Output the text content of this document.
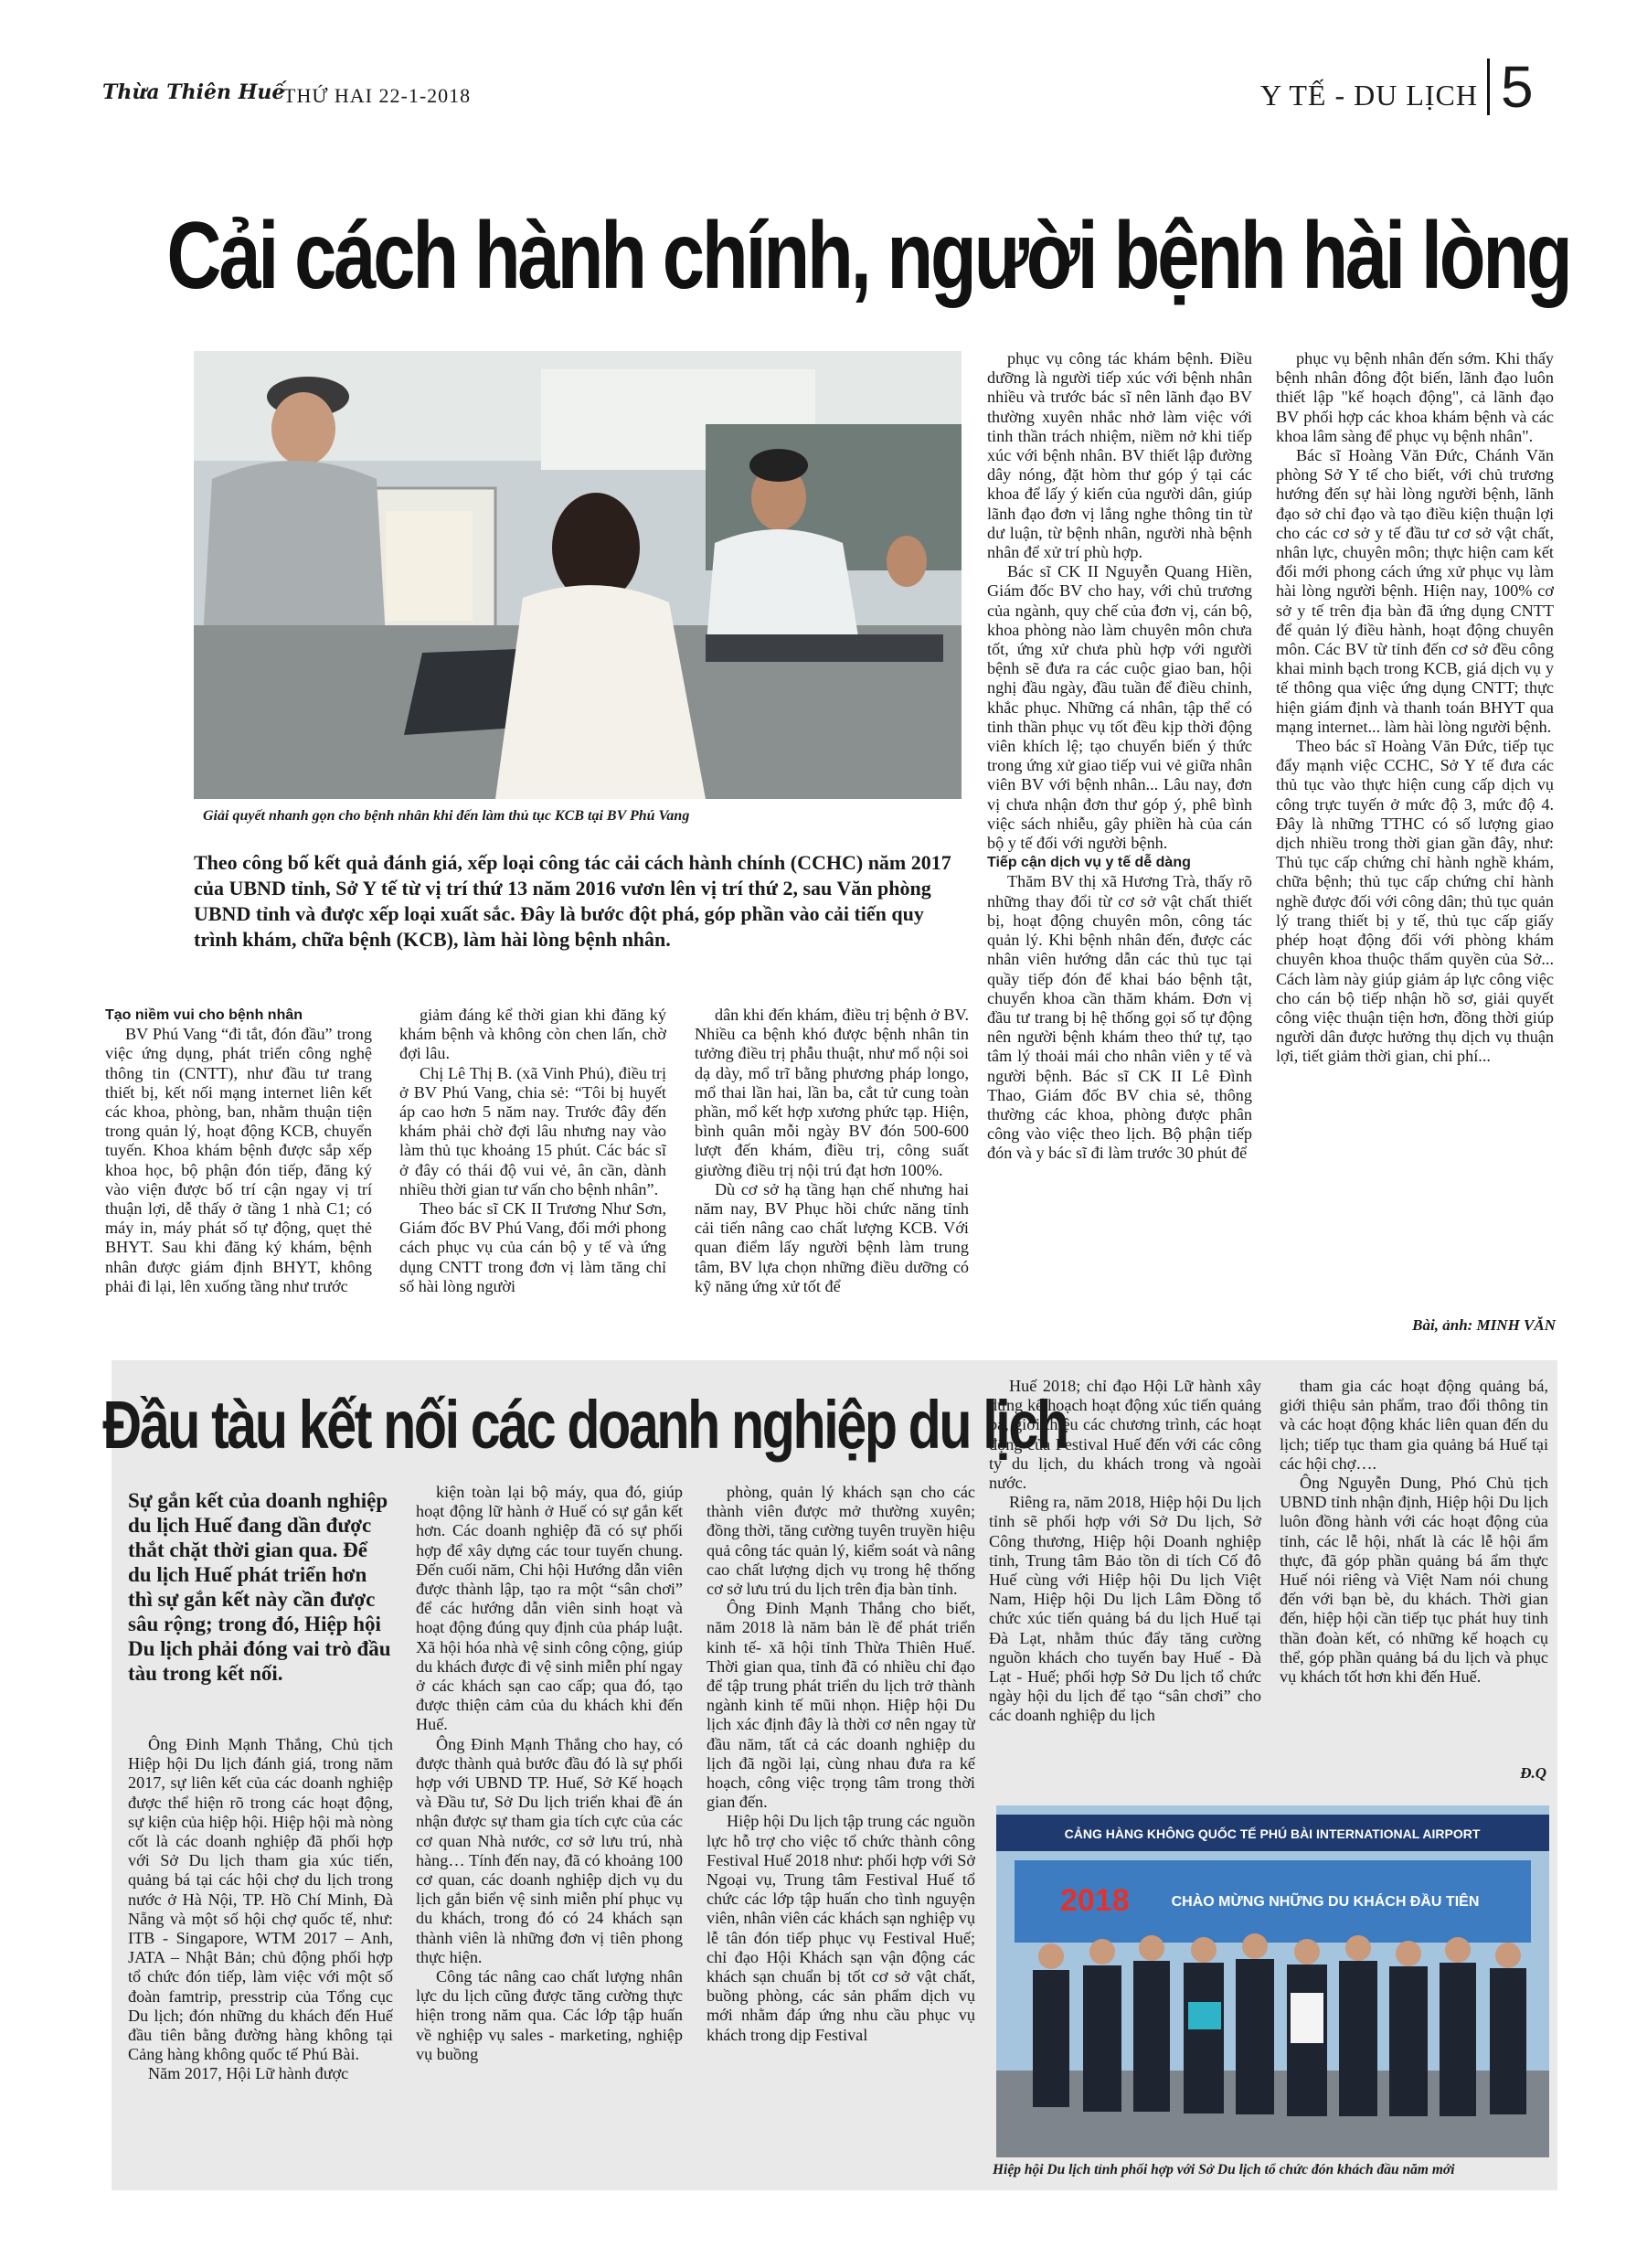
Thừa Thiên Huế
THỨ HAI 22-1-2018	Y TẾ - DU LỊCH 5
Cải cách hành chính, người bệnh hài lòng
Giải quyết nhanh gọn cho bệnh nhân khi đến làm thủ tục KCB tại BV Phú Vang
Theo công bố kết quả đánh giá, xếp loại công tác cải cách hành chính (CCHC) năm 2017 của UBND tỉnh, Sở Y tế từ vị trí thứ 13 năm 2016 vươn lên vị trí thứ 2, sau Văn phòng UBND tỉnh và được xếp loại xuất sắc. Đây là bước đột phá, góp phần vào cải tiến quy trình khám, chữa bệnh (KCB), làm hài lòng bệnh nhân.

Tạo niềm vui cho bệnh nhân

BV Phú Vang “đi tắt, đón đầu” trong việc ứng dụng, phát triển công nghệ thông tin (CNTT), như đầu tư trang thiết bị, kết nối mạng internet liên kết các khoa, phòng, ban, nhằm thuận tiện trong quản lý, hoạt động KCB, chuyển tuyến. Khoa khám bệnh được sắp xếp khoa học, bộ phận đón tiếp, đăng ký vào viện được bố trí cận ngay vị trí thuận lợi, dễ thấy ở tầng 1 nhà C1; có máy in, máy phát số tự động, quẹt thẻ BHYT. Sau khi đăng ký khám, bệnh nhân được giám định BHYT, không phải đi lại, lên xuống tầng như trước

giảm đáng kể thời gian khi đăng ký khám bệnh và không còn chen lấn, chờ đợi lâu.

Chị Lê Thị B. (xã Vinh Phú), điều trị ở BV Phú Vang, chia sẻ: “Tôi bị huyết áp cao hơn 5 năm nay. Trước đây đến khám phải chờ đợi lâu nhưng nay vào làm thủ tục khoảng 15 phút. Các bác sĩ ở đây có thái độ vui vẻ, ân cần, dành nhiều thời gian tư vấn cho bệnh nhân”.

Theo bác sĩ CK II Trương Như Sơn, Giám đốc BV Phú Vang, đổi mới phong cách phục vụ của cán bộ y tế và ứng dụng CNTT trong đơn vị làm tăng chỉ số hài lòng người

dân khi đến khám, điều trị bệnh ở BV. Nhiều ca bệnh khó được bệnh nhân tin tưởng điều trị phẫu thuật, như mổ nội soi dạ dày, mổ trĩ bằng phương pháp longo, mổ thai lần hai, lần ba, cắt tử cung toàn phần, mổ kết hợp xương phức tạp. Hiện, bình quân mỗi ngày BV đón 500-600 lượt đến khám, điều trị, công suất giường điều trị nội trú đạt hơn 100%.

Dù cơ sở hạ tầng hạn chế nhưng hai năm nay, BV Phục hồi chức năng tỉnh cải tiến nâng cao chất lượng KCB. Với quan điểm lấy người bệnh làm trung tâm, BV lựa chọn những điều dưỡng có kỹ năng ứng xử tốt để

phục vụ công tác khám bệnh. Điều dưỡng là người tiếp xúc với bệnh nhân nhiều và trước bác sĩ nên lãnh đạo BV thường xuyên nhắc nhở làm việc với tinh thần trách nhiệm, niềm nở khi tiếp xúc với bệnh nhân. BV thiết lập đường dây nóng, đặt hòm thư góp ý tại các khoa để lấy ý kiến của người dân, giúp lãnh đạo đơn vị lắng nghe thông tin từ dư luận, từ bệnh nhân, người nhà bệnh nhân để xử trí phù hợp.

Bác sĩ CK II Nguyễn Quang Hiền, Giám đốc BV cho hay, với chủ trương của ngành, quy chế của đơn vị, cán bộ, khoa phòng nào làm chuyên môn chưa tốt, ứng xử chưa phù hợp với người bệnh sẽ đưa ra các cuộc giao ban, hội nghị đầu ngày, đầu tuần để điều chỉnh, khắc phục. Những cá nhân, tập thể có tinh thần phục vụ tốt đều kịp thời động viên khích lệ; tạo chuyển biến ý thức trong ứng xử giao tiếp vui vẻ giữa nhân viên BV với bệnh nhân... Lâu nay, đơn vị chưa nhận đơn thư góp ý, phê bình việc sách nhiễu, gây phiền hà của cán bộ y tế đối với người bệnh.

Tiếp cận dịch vụ y tế dễ dàng

Thăm BV thị xã Hương Trà, thấy rõ những thay đổi từ cơ sở vật chất thiết bị, hoạt động chuyên môn, công tác quản lý. Khi bệnh nhân đến, được các nhân viên hướng dẫn các thủ tục tại quầy tiếp đón để khai báo bệnh tật, chuyển khoa cần thăm khám. Đơn vị đầu tư trang bị hệ thống gọi số tự động nên người bệnh khám theo thứ tự, tạo tâm lý thoải mái cho nhân viên y tế và người bệnh. Bác sĩ CK II Lê Đình Thao, Giám đốc BV chia sẻ, thông thường các khoa, phòng được phân công vào việc theo lịch. Bộ phận tiếp đón và y bác sĩ đi làm trước 30 phút để

phục vụ bệnh nhân đến sớm. Khi thấy bệnh nhân đông đột biến, lãnh đạo luôn thiết lập "kế hoạch động", cả lãnh đạo BV phối hợp các khoa khám bệnh và các khoa lâm sàng để phục vụ bệnh nhân".

Bác sĩ Hoàng Văn Đức, Chánh Văn phòng Sở Y tế cho biết, với chủ trương hướng đến sự hài lòng người bệnh, lãnh đạo sở chỉ đạo và tạo điều kiện thuận lợi cho các cơ sở y tế đầu tư cơ sở vật chất, nhân lực, chuyên môn; thực hiện cam kết đổi mới phong cách ứng xử phục vụ làm hài lòng người bệnh. Hiện nay, 100% cơ sở y tế trên địa bàn đã ứng dụng CNTT để quản lý điều hành, hoạt động chuyên môn. Các BV từ tỉnh đến cơ sở đều công khai minh bạch trong KCB, giá dịch vụ y tế thông qua việc ứng dụng CNTT; thực hiện giám định và thanh toán BHYT qua mạng internet... làm hài lòng người bệnh.

Theo bác sĩ Hoàng Văn Đức, tiếp tục đẩy mạnh việc CCHC, Sở Y tế đưa các thủ tục vào thực hiện cung cấp dịch vụ công trực tuyến ở mức độ 3, mức độ 4. Đây là những TTHC có số lượng giao dịch nhiều trong thời gian gần đây, như: Thủ tục cấp chứng chỉ hành nghề khám, chữa bệnh; thủ tục cấp chứng chỉ hành nghề được đối với công dân; thủ tục quản lý trang thiết bị y tế, thủ tục cấp giấy phép hoạt động đối với phòng khám chuyên khoa thuộc thẩm quyền của Sở... Cách làm này giúp giảm áp lực công việc cho cán bộ tiếp nhận hồ sơ, giải quyết công việc thuận tiện hơn, đồng thời giúp người dân được hưởng thụ dịch vụ thuận lợi, tiết giảm thời gian, chi phí...

Bài, ảnh: MINH VĂN
Đầu tàu kết nối các doanh nghiệp du lịch
Sự gắn kết của doanh nghiệp du lịch Huế đang dần được thắt chặt thời gian qua. Để du lịch Huế phát triển hơn thì sự gắn kết này cần được sâu rộng; trong đó, Hiệp hội Du lịch phải đóng vai trò đầu tàu trong kết nối.

Ông Đinh Mạnh Thắng, Chủ tịch Hiệp hội Du lịch đánh giá, trong năm 2017, sự liên kết của các doanh nghiệp được thể hiện rõ trong các hoạt động, sự kiện của hiệp hội. Hiệp hội mà nòng cốt là các doanh nghiệp đã phối hợp với Sở Du lịch tham gia xúc tiến, quảng bá tại các hội chợ du lịch trong nước ở Hà Nội, TP. Hồ Chí Minh, Đà Nẵng và một số hội chợ quốc tế, như: ITB - Singapore, WTM 2017 – Anh, JATA – Nhật Bản; chủ động phối hợp tổ chức đón tiếp, làm việc với một số đoàn famtrip, presstrip của Tổng cục Du lịch; đón những du khách đến Huế đầu tiên bằng đường hàng không tại Cảng hàng không quốc tế Phú Bài.

Năm 2017, Hội Lữ hành được

kiện toàn lại bộ máy, qua đó, giúp hoạt động lữ hành ở Huế có sự gắn kết hơn. Các doanh nghiệp đã có sự phối hợp để xây dựng các tour tuyến chung. Đến cuối năm, Chi hội Hướng dẫn viên được thành lập, tạo ra một “sân chơi” để các hướng dẫn viên sinh hoạt và hoạt động đúng quy định của pháp luật. Xã hội hóa nhà vệ sinh công cộng, giúp du khách được đi vệ sinh miễn phí ngay ở các khách sạn cao cấp; qua đó, tạo được thiện cảm của du khách khi đến Huế.

Ông Đinh Mạnh Thắng cho hay, có được thành quả bước đầu đó là sự phối hợp với UBND TP. Huế, Sở Kế hoạch và Đầu tư, Sở Du lịch triển khai đề án nhận được sự tham gia tích cực của các cơ quan Nhà nước, cơ sở lưu trú, nhà hàng… Tính đến nay, đã có khoảng 100 cơ quan, các doanh nghiệp dịch vụ du lịch gắn biển vệ sinh miễn phí phục vụ du khách, trong đó có 24 khách sạn thành viên là những đơn vị tiên phong thực hiện.

Công tác nâng cao chất lượng nhân lực du lịch cũng được tăng cường thực hiện trong năm qua. Các lớp tập huấn về nghiệp vụ sales - marketing, nghiệp vụ buồng

phòng, quản lý khách sạn cho các thành viên được mở thường xuyên; đồng thời, tăng cường tuyên truyền hiệu quả công tác quản lý, kiểm soát và nâng cao chất lượng dịch vụ trong hệ thống cơ sở lưu trú du lịch trên địa bàn tỉnh.

Ông Đinh Mạnh Thắng cho biết, năm 2018 là năm bản lề để phát triển kinh tế- xã hội tỉnh Thừa Thiên Huế. Thời gian qua, tỉnh đã có nhiều chỉ đạo để tập trung phát triển du lịch trở thành ngành kinh tế mũi nhọn. Hiệp hội Du lịch xác định đây là thời cơ nên ngay từ đầu năm, tất cả các doanh nghiệp du lịch đã ngồi lại, cùng nhau đưa ra kế hoạch, công việc trọng tâm trong thời gian đến.

Hiệp hội Du lịch tập trung các nguồn lực hỗ trợ cho việc tổ chức thành công Festival Huế 2018 như: phối hợp với Sở Ngoại vụ, Trung tâm Festival Huế tổ chức các lớp tập huấn cho tình nguyện viên, nhân viên các khách sạn nghiệp vụ lễ tân đón tiếp phục vụ Festival Huế; chỉ đạo Hội Khách sạn vận động các khách sạn chuẩn bị tốt cơ sở vật chất, buồng phòng, các sản phẩm dịch vụ mới nhằm đáp ứng nhu cầu phục vụ khách trong dịp Festival

Huế 2018; chỉ đạo Hội Lữ hành xây dựng kế hoạch hoạt động xúc tiến quảng bá, giới thiệu các chương trình, các hoạt động của Festival Huế đến với các công ty du lịch, du khách trong và ngoài nước.

Riêng ra, năm 2018, Hiệp hội Du lịch tỉnh sẽ phối hợp với Sở Du lịch, Sở Công thương, Hiệp hội Doanh nghiệp tỉnh, Trung tâm Bảo tồn di tích Cố đô Huế cùng với Hiệp hội Du lịch Việt Nam, Hiệp hội Du lịch Lâm Đồng tổ chức xúc tiến quảng bá du lịch Huế tại Đà Lạt, nhằm thúc đẩy tăng cường nguồn khách cho tuyến bay Huế - Đà Lạt - Huế; phối hợp Sở Du lịch tổ chức ngày hội du lịch để tạo “sân chơi” cho các doanh nghiệp du lịch

tham gia các hoạt động quảng bá, giới thiệu sản phẩm, trao đổi thông tin và các hoạt động khác liên quan đến du lịch; tiếp tục tham gia quảng bá Huế tại các hội chợ….

Ông Nguyễn Dung, Phó Chủ tịch UBND tỉnh nhận định, Hiệp hội Du lịch luôn đồng hành với các hoạt động của tỉnh, các lễ hội, nhất là các lễ hội ẩm thực, đã góp phần quảng bá ẩm thực Huế nói riêng và Việt Nam nói chung đến với bạn bè, du khách. Thời gian đến, hiệp hội cần tiếp tục phát huy tinh thần đoàn kết, có những kế hoạch cụ thể, góp phần quảng bá du lịch và phục vụ khách tốt hơn khi đến Huế.

Đ.Q
CẢNG HÀNG KHÔNG QUỐC TẾ PHÚ BÀI INTERNATIONAL AIRPORT
2018	CHÀO MỪNG NHỮNG DU KHÁCH ĐẦU TIÊN
Hiệp hội Du lịch tỉnh phối hợp với Sở Du lịch tổ chức đón khách đầu năm mới
